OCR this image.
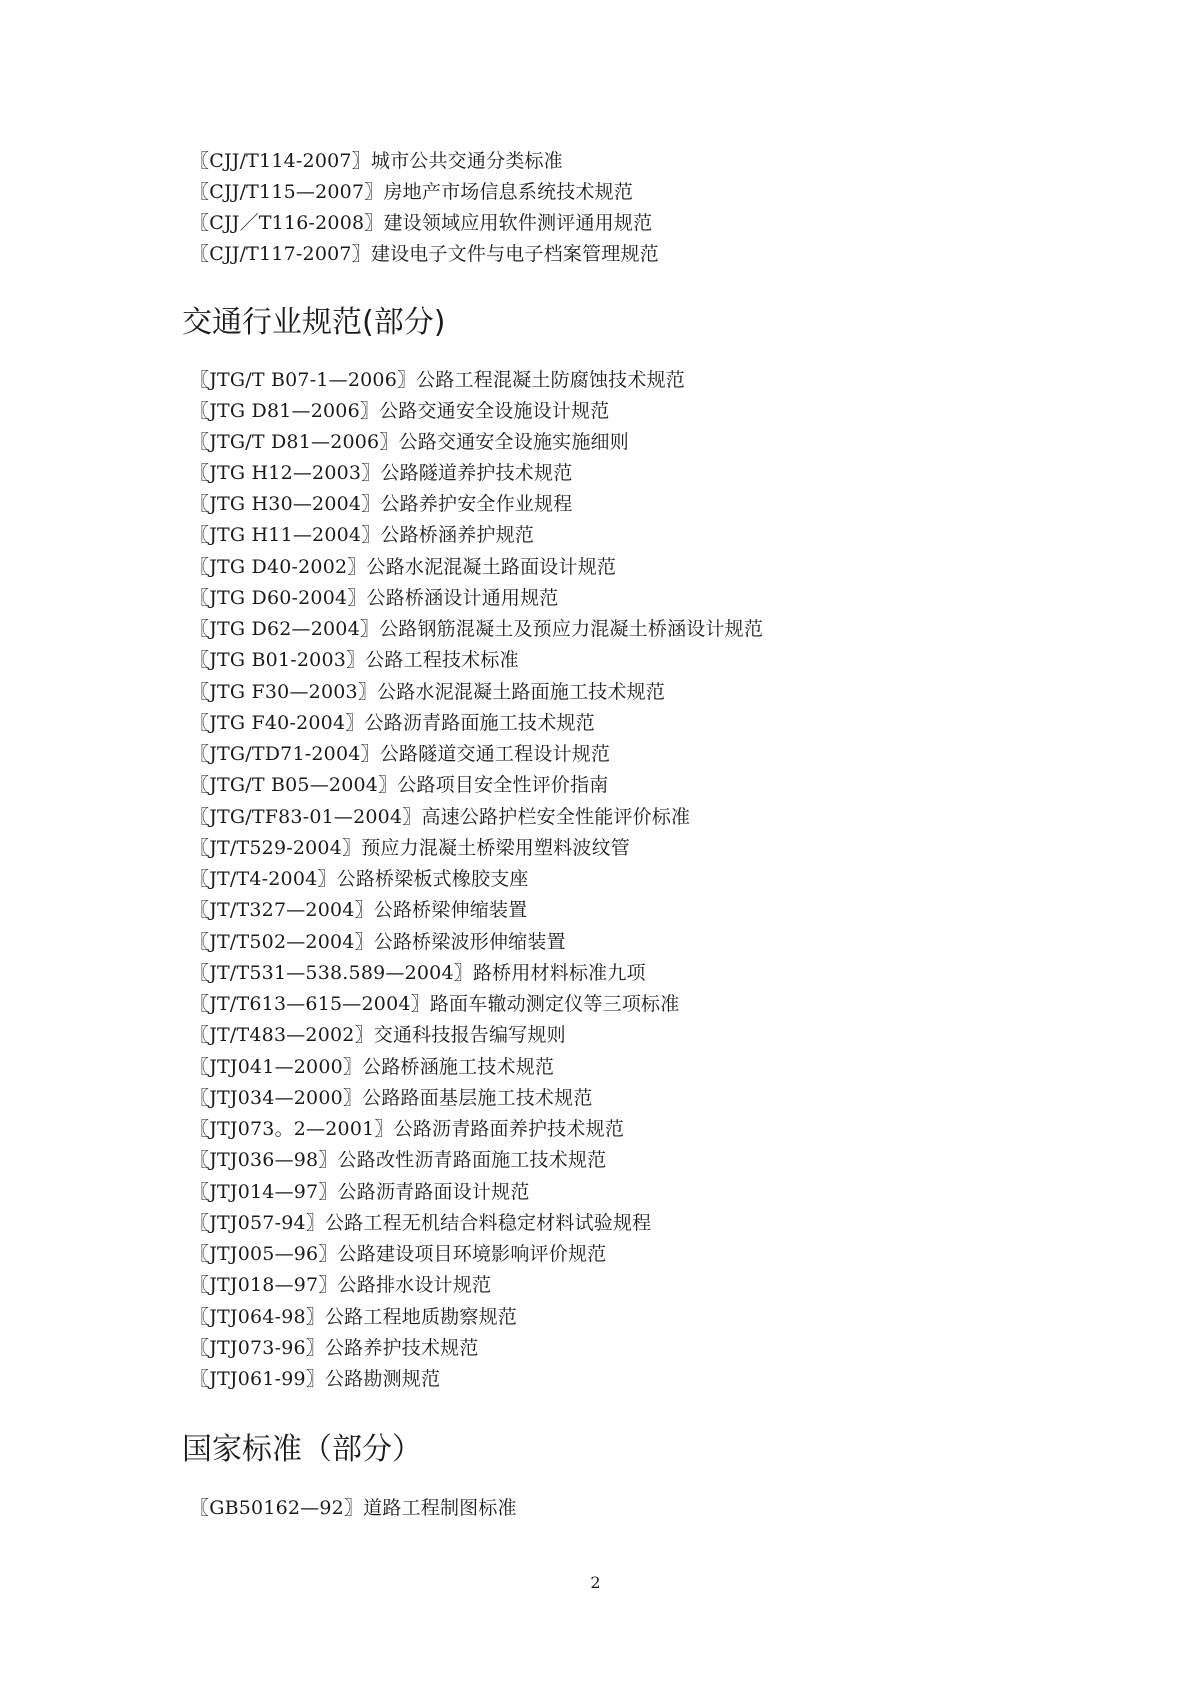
〖CJJ/T114-2007〗城市公共交通分类标准
〖CJJ/T115—2007〗房地产市场信息系统技术规范
〖CJJ／T116-2008〗建设领域应用软件测评通用规范
〖CJJ/T117-2007〗建设电子文件与电子档案管理规范
交通行业规范(部分)
〖JTG/T B07-1—2006〗公路工程混凝土防腐蚀技术规范
〖JTG D81—2006〗公路交通安全设施设计规范
〖JTG/T D81—2006〗公路交通安全设施实施细则
〖JTG H12—2003〗公路隧道养护技术规范
〖JTG H30—2004〗公路养护安全作业规程
〖JTG H11—2004〗公路桥涵养护规范
〖JTG D40-2002〗公路水泥混凝土路面设计规范
〖JTG D60-2004〗公路桥涵设计通用规范
〖JTG D62—2004〗公路钢筋混凝土及预应力混凝土桥涵设计规范
〖JTG B01-2003〗公路工程技术标准
〖JTG F30—2003〗公路水泥混凝土路面施工技术规范
〖JTG F40-2004〗公路沥青路面施工技术规范
〖JTG/TD71-2004〗公路隧道交通工程设计规范
〖JTG/T B05—2004〗公路项目安全性评价指南
〖JTG/TF83-01—2004〗高速公路护栏安全性能评价标准
〖JT/T529-2004〗预应力混凝土桥梁用塑料波纹管
〖JT/T4-2004〗公路桥梁板式橡胶支座
〖JT/T327—2004〗公路桥梁伸缩装置
〖JT/T502—2004〗公路桥梁波形伸缩装置
〖JT/T531—538.589—2004〗路桥用材料标准九项
〖JT/T613—615—2004〗路面车辙动测定仪等三项标准
〖JT/T483—2002〗交通科技报告编写规则
〖JTJ041—2000〗公路桥涵施工技术规范
〖JTJ034—2000〗公路路面基层施工技术规范
〖JTJ073。2—2001〗公路沥青路面养护技术规范
〖JTJ036—98〗公路改性沥青路面施工技术规范
〖JTJ014—97〗公路沥青路面设计规范
〖JTJ057-94〗公路工程无机结合料稳定材料试验规程
〖JTJ005—96〗公路建设项目环境影响评价规范
〖JTJ018—97〗公路排水设计规范
〖JTJ064-98〗公路工程地质勘察规范
〖JTJ073-96〗公路养护技术规范
〖JTJ061-99〗公路勘测规范
国家标准（部分）
〖GB50162—92〗道路工程制图标准
2
